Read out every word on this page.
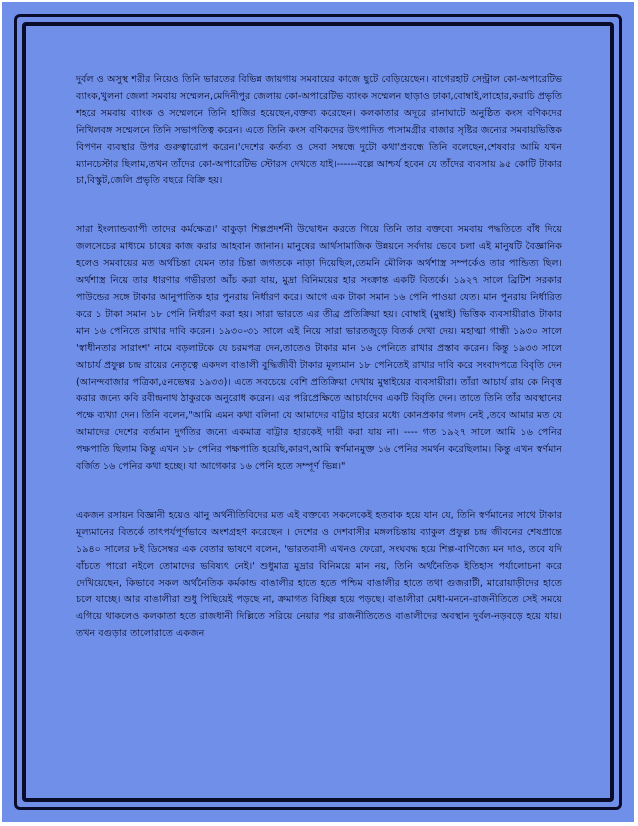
দুর্বল ও অসুস্থ শরীর নিয়েও তিনি ভারতের বিভিন্ন জায়গায় সমবায়ের কাজে ছুটে বেড়িয়েছেন। বাগেরহাট সেন্ট্রাল কো-অপারেটিভ ব্যাংক,খুলনা জেলা সমবায় সম্মেলন,মেদিনীপুর জেলায় কো-অপারেটিভ ব্যাংক সম্মেলন ছাড়াও ঢাকা,বোম্বাই,লাহোর,করাচি প্রভৃতি শহরে সমবায় ব্যাংক ও সম্মেলনে তিনি হাজির হয়েছেন,বক্তব্য করেছেন। কলকাতার অদূরে রানাঘাটে অনুষ্ঠিত কংস বণিকদের নিখিলবঙ্গ সম্মেলনে তিনি সভাপতিত্ব করেন। এতে তিনি কংস বণিকদের উৎপাদিত প্যসামগ্রীর বাজার সৃষ্টির জন্যের সমবায়ভিত্তিক বিপণন ব্যবস্থার উপর গুরুত্বারোপ করেন।'দেশের কর্তব্য ও সেবা সম্বন্ধে দুটো কথা'প্রবন্ধে তিনি বলেছেন,শেষবার আমি যখন ম্যানচেস্টার ছিলাম,তখন তাঁদের কো-অপারেটিভ স্টোরস দেখতে যাই।------বল্লে আশ্চর্য হবেন যে তাঁদের ব্যবসায় ৯৫ কোটি টাকার চা,বিস্কুট,জেলি প্রভৃতি বছরে বিক্রি হয়।

সারা ইংল্যান্ডব্যাপী তাদের কর্মক্ষেত্র।' বাকুড়া শিল্পপ্রদর্শনী উদ্বোধন করতে গিয়ে তিনি তার বক্তব্যে সমবায় পদ্ধতিতে বাঁধ দিয়ে জলসেচের মাধ্যমে চাষের কাজ করার আহবান জানান। মানুষের আর্থসামাজিক উন্নয়নে সর্বদায় ভেবে চলা এই মানুষটি বৈজ্ঞানিক হলেও সমবায়ের মত অর্থচিন্তা যেমন তার চিন্তা জগতকে নাড়া দিয়েছিল,তেমনি মৌলিক অর্থশাস্ত্র সম্পর্কেও তার পান্ডিত্য ছিল। অর্থশাস্ত্র নিয়ে তার ধারণার গভীরতা আঁচ করা যায়, মুদ্রা বিনিময়ের হার সংক্রান্ত একটি বিতর্কে। ১৯২৭ সালে ব্রিটিশ সরকার পাউন্ডের সঙ্গে টাকার আনুপাতিক হার পুনরায় নির্ধারণ করে। আগে এক টাকা সমান ১৬ পেনি পাওয়া যেত। মান পুনরায় নির্ধারিত করে ১ টাকা সমান ১৮ পেনি নির্ধারণ করা হয়। সারা ভারতে এর তীব্র প্রতিক্রিয়া হয়। বোম্বাই (মুম্বাই) ভিত্তিক ব্যবসায়ীরাও টাকার মান ১৬ পেনিতে রাখার দাবি করেন। ১৯৩০-৩১ সালে এই নিয়ে সারা ভারতজুড়ে বিতর্ক দেখা দেয়। মহাত্মা গান্ধী ১৯৩০ সালে 'স্বাধীনতার সারাংশ' নামে বড়লাটকে যে চরমপত্র দেন,তাতেও টাকার মান ১৬ পেনিতে রাখার প্রস্তাব করেন। কিন্তু ১৯৩৩ সালে আচার্য প্রফুল্ল চন্দ্র রায়ের নেতৃত্বে একদল বাঙালী বুদ্ধিজীবী টাকার মূল্যমান ১৮ পেনিতেই রাখার দাবি করে সংবাদপত্রে বিবৃতি দেন (আনন্দবাজার পত্রিকা,৫নভেম্বর ১৯৩৩)। এতে সবচেয়ে বেশি প্রতিক্রিয়া দেখায় মুম্বাইয়ের ব্যবসায়ীরা। তাঁরা আচার্য রায় কে নিবৃত্ত করার জন্যে কবি রবীন্দ্রনাথ ঠাকুরকে অনুরোধ করেন। এর পরিপ্রেক্ষিতে আচার্যদেব একটি বিবৃতি দেন। তাতে তিনি তাঁর অবস্থানের পক্ষে ব্যখ্যা দেন। তিনি বলেন,"আমি এমন কথা বলিনা যে আমাদের বাট্টার হারের মধ্যে কোনপ্রকার গলদ নেই ,তবে আমার মত যে আমাদের দেশের বর্তমান দুর্গতির জন্যে একমাত্র বাট্টার হারকেই দায়ী করা যায় না। ---- গত ১৯২৭ সালে আমি ১৬ পেনির পক্ষপাতি ছিলাম কিন্তু এখন ১৮ পেনির পক্ষপাতি হয়েছি,কারণ,আমি স্বর্ণমানমুক্ত ১৬ পেনির সমর্থন করেছিলাম। কিন্তু এখন স্বর্ণমান বর্জিত ১৬ পেনির কথা হচ্ছে। যা আগেকার ১৬ পেনি হতে সম্পূর্ণ ভিন্ন।"

একজন রসায়ন বিজ্ঞানী হয়েও ঝানু অর্থনীতিবিদের মত এই বক্তব্যে সকলেকেই হতবাক হয়ে যান যে, তিনি স্বর্ণমানের সাথে টাকার মূল্যমানের বিতর্কে তাৎপর্যপূর্ণভাবে অংশগ্রহণ করেছেন । দেশের ও দেশবাসীর মঙ্গলচিন্তায় ব্যাকুল প্রফুল্ল চন্দ্র জীবনের শেষপ্রান্তে ১৯৪০ সালের ৮ই ডিসেম্বর এক বেতার ভাষণে বলেন, 'ভারতবাসী এখনও ফেরো, সংঘবদ্ধ হয়ে শিল্প-বাণিজ্যে মন দাও, তবে যদি বাঁচতে পারো নইলে তোমাদের ভবিষ্যৎ নেই।' শুধুমাত্র মুদ্রার বিনিময়ে মান নয়, তিনি অর্থনৈতিক ইতিহাস পর্যালোচনা করে দেখিয়েছেন, কিভাবে সকল অর্থনৈতিক কর্মকান্ড বাঙালীর হাতে হতে পশ্চিম বাঙালীর হাতে তথা গুজরাটী, মারোয়াড়ীদের হাতে চলে যাচ্ছে। আর বাঙালীরা শুধু পিছিয়েই পড়ছে না, ক্রমাগত বিচ্ছিন্ন হয়ে পড়ছে। বাঙালীরা মেধা-মননে-রাজনীতিতে সেই সময়ে এগিয়ে থাকলেও কলকাতা হতে রাজধানী দিল্লিতে সরিয়ে নেয়ার পর রাজনীতিতেও বাঙালীদের অবস্থান দুর্বল-নড়বড়ে হয়ে যায়। তখন বগুড়ার তালোরাতে একজন
